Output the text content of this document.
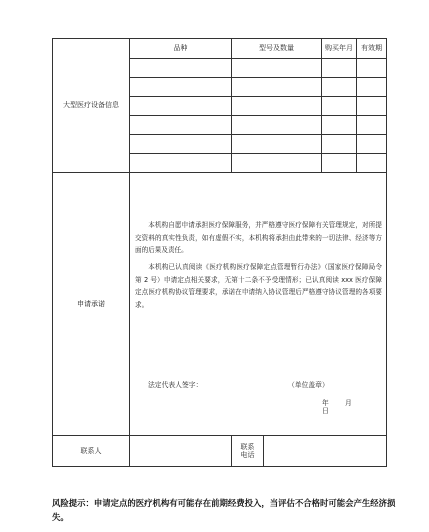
大型医疗设备信息	品种	型号及数量		购买年月	有效期

申请承诺	本机构自愿申请承担医疗保障服务，并严格遵守医疗保障有关管理规定，对所提交资料的真实性负责，如有虚假不实，本机构将承担由此带来的一切法律、经济等方面的后果及责任。

本机构已认真阅读《医疗机构医疗保障定点管理暂行办法》（国家医疗保障局令第 2 号）申请定点相关要求，无第十二条不予受理情形；已认真阅读 xxx 医疗保障定点医疗机构协议管理要求，承诺在申请纳入协议管理后严格遵守协议管理的各项要求。

法定代表人签字： （单位盖章）
年 月 日				

联系人		联系
电话			

风险提示：申请定点的医疗机构有可能存在前期经费投入，当评估不合格时可能会产生经济损失。
